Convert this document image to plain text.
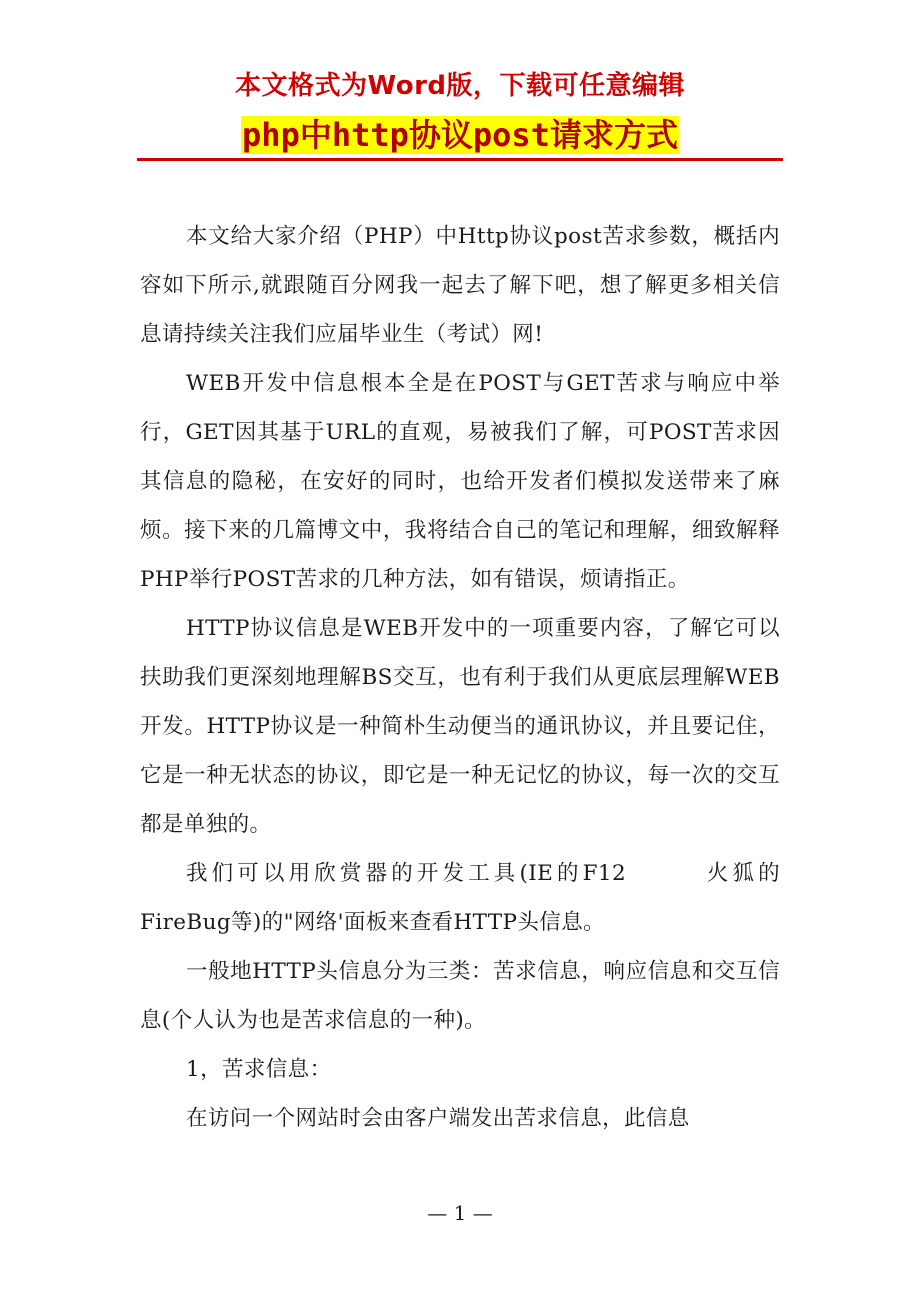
本文格式为Word版，下载可任意编辑
php中http协议post请求方式

本文给大家介绍（PHP）中Http协议post苦求参数，概括内容如下所示,就跟随百分网我一起去了解下吧，想了解更多相关信息请持续关注我们应届毕业生（考试）网!

WEB开发中信息根本全是在POST与GET苦求与响应中举行，GET因其基于URL的直观，易被我们了解，可POST苦求因其信息的隐秘，在安好的同时，也给开发者们模拟发送带来了麻烦。接下来的几篇博文中，我将结合自己的笔记和理解，细致解释PHP举行POST苦求的几种方法，如有错误，烦请指正。

HTTP协议信息是WEB开发中的一项重要内容，了解它可以扶助我们更深刻地理解BS交互，也有利于我们从更底层理解WEB开发。HTTP协议是一种简朴生动便当的通讯协议，并且要记住，它是一种无状态的协议，即它是一种无记忆的协议，每一次的交互都是单独的。

我们可以用欣赏器的开发工具(IE的F12　　　火狐的FireBug等)的"网络'面板来查看HTTP头信息。

一般地HTTP头信息分为三类：苦求信息，响应信息和交互信息(个人认为也是苦求信息的一种)。

1，苦求信息：

在访问一个网站时会由客户端发出苦求信息，此信息

— 1 —
